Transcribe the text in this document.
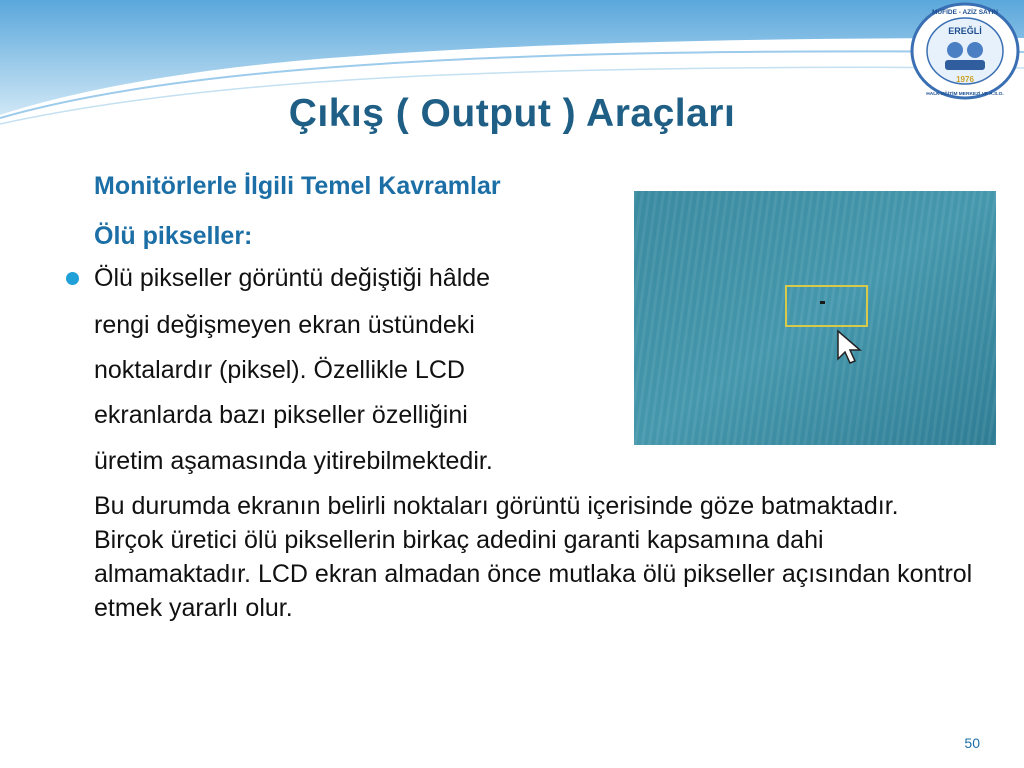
EREĞLİ
1976
MÜFİDE - AZİZ SAYIN
HALK EĞİTİM MERKEZİ VE A.S.O.
Çıkış ( Output ) Araçları
Monitörlerle İlgili Temel Kavramlar
Ölü pikseller:
Ölü pikseller görüntü değiştiği hâlde
rengi değişmeyen ekran üstündeki
noktalardır (piksel). Özellikle LCD
ekranlarda bazı pikseller özelliğini
üretim aşamasında yitirebilmektedir.
Bu durumda ekranın belirli noktaları görüntü içerisinde göze batmaktadır. Birçok üretici ölü piksellerin birkaç adedini garanti kapsamına dahi almamaktadır. LCD ekran almadan önce mutlaka ölü pikseller açısından kontrol etmek yararlı olur.
50
